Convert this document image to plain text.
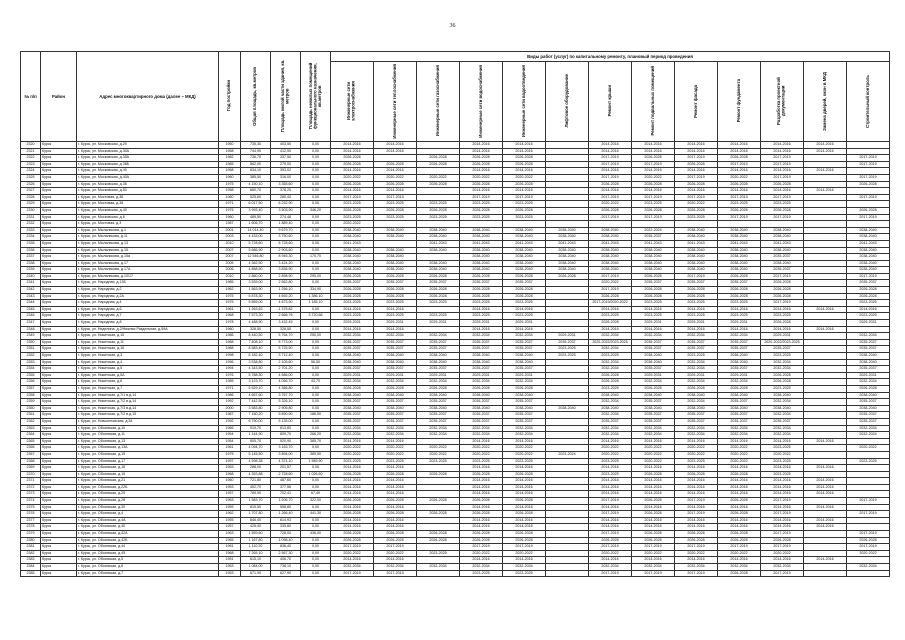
36
№ п/п	Район	Адрес многоквартирного дома (далее – МКД)	Год постройки	Общая площадь, кв.метров	Площадь жилой части здания, кв. метров	Площадь нежилых помещений функционального назначения, кв.метров	Виды работ (услуг) по капитальному ремонту, плановый период проведения												
							Инженерные сети электроснабжения	Инженерные сети теплоснабжения	Инженерные сети газоснабжения	Инженерные сети водоснабжения	Инженерные сети водоотведения	Лифтовое оборудование	Ремонт крыши	Ремонт подвальных помещений	Ремонт фасада	Ремонт фундамента	Разработка проектной документации	Замена дверей, окон в МКД	Строительный контроль
2320	Курск	г. Курск, ул. Московская, д.29	1950	735,30	403,50	0,00	2014-2016	2014-2016		2014-2016	2014-2016		2014-2016	2014-2016	2014-2016	2014-2016	2014-2016	2014-2016	
2321	Курск	г. Курск, ул. Московская, д.30А	1958	744,90	412,50	0,00	2014-2016	2014-2016		2014-2016	2014-2016		2014-2016	2014-2016	2014-2016	2014-2016	2014-2016	2014-2016	
2322	Курск	г. Курск, ул. Московская, д.35А	1982	736,70	337,50	0,00	2026-2028		2026-2028	2026-2028	2026-2028		2017-2019	2026-2028	2017-2019	2026-2028	2017-2019		2017-2019
2323	Курск	г. Курск, ул. Московская, д.36Б	1985	562,00	279,00	0,00	2026-2028	2026-2028	2026-2028	2026-2028	2026-2028		2017-2019	2017-2019	2026-2028	2017-2019	2017-2019		2017-2019
2324	Курск	г. Курск, ул. Московская, д.40	1958	834,10	393,02	0,00	2014-2016	2014-2016		2014-2016	2014-2016		2014-2016	2014-2016	2014-2016	2014-2016	2014-2016	2014-2016	
2325	Курск	г. Курск, ул. Московская, д.40А	1960	385,50	316,00	0,00	2020-2022	2020-2022	2020-2022	2020-2022	2020-2022		2017-2019	2020-2022	2017-2019	2020-2022	2017-2019		2017-2019
2326	Курск	г. Курск, ул. Московская, д.36	1975	4 150,10	3 355,60	0,00	2026-2028	2026-2028	2026-2028	2026-2028	2026-2028		2026-2028	2026-2028	2026-2028	2026-2028	2026-2028		2026-2028
2327	Курск	г. Курск, ул. Московская, д.50	1958	680,70	378,20	0,00	2014-2016	2014-2016		2014-2016	2014-2016		2014-2016	2014-2016	2014-2016	2014-2016	2014-2016	2014-2016	
2328	Курск	г. Курск, ул. Мостовая, д.36	1960	525,60	280,40	0,00	2017-2019	2017-2019		2017-2019	2017-2019		2017-2019	2017-2019	2017-2019	2017-2019	2017-2019		2017-2019
2329	Курск	г. Курск, ул. Мостовая, д.38	1971	6 017,50	6 232,90	0,00	2023-2025	2023-2025	2023-2025	2023-2025	2023-2025		2020-2022	2023-2025	2020-2022	2023-2025	2023-2025		
2330	Курск	г. Курск, ул. Московская, д.40	1975	3 993,40	3 503,90	346,20	2026-2028	2026-2028	2026-2028	2026-2028	2026-2028		2026-2028	2026-2028	2026-2028	2026-2028	2026-2028		2026-2028
2331	Курск	г. Курск, ул. Московская, д.6	1960	489,50	274,46	0,00	2023-2025	2023-2025	2023-2025	2023-2025	2023-2025		2017-2019	2017-2019	2023-2025	2017-2019	2017-2019		2017-2019
2332	Курск	г. Курск, ул. Мостовая, д.3	1987	1 606,70	1 889,40	0,00	2020-2022												
2333	Курск	г. Курск, ул. Мыльникова, д.1	2001	14 014,40	9 679,70	0,00	2038-2040	2038-2040	2038-2040	2038-2040	2038-2040	2038-2040	2038-2040	2022-2024	2038-2040	2038-2040	2038-2040		2038-2040
2334	Курск	г. Курск, ул. Мыльникова, д.11	2003	4 433,00	3 750,60	0,00	2038-2040	2038-2040	2038-2040	2038-2040	2038-2040	2038-2040	2038-2040	2035-2037	2038-2040	2038-2040	2038-2040		2038-2040
2335	Курск	г. Курск, ул. Мыльникова, д.13	2010	5 728,60	5 728,60	0,00	2041-2043		2041-2043	2041-2043	2041-2043	2041-2043	2041-2043	2041-2043	2041-2043	2041-2043	2041-2043		2041-2043
2336	Курск	г. Курск, ул. Мыльникова, д.15	2007	5 686,90	2 903,60	0,00	2038-2040	2038-2040	2038-2040	2038-2040	2038-2040	2038-2040	2038-2040	2038-2040	2038-2040	2038-2040	2038-2040		2038-2040
2337	Курск	г. Курск, ул. Мыльникова, д.15а	2007	12 546,80	8 945,30	170,70	2038-2040	2038-2040		2038-2040	2038-2040	2038-2040	2038-2040	2038-2040	2038-2040	2038-2040	2035-2037		2038-2040
2338	Курск	г. Курск, ул. Мыльникова, д.17	2005	4 362,50	3 424,20	0,00	2038-2040	2038-2040	2038-2040	2038-2040	2038-2040	2038-2040	2038-2040	2038-2040	2038-2040	2038-2040	2038-2040		2038-2040
2339	Курск	г. Курск, ул. Мыльникова, д.17А	2006	4 858,50	3 836,90	0,00	2038-2040	2038-2040	2038-2040	2038-2040	2038-2040	2038-2040	2038-2040	2038-2040	2038-2040	2038-2040	2035-2037		2038-2040
2340	Курск	г. Курск, ул. Мыльникова, д.10/17	2010	2 860,00	2 898,90	295,00	2026-2028	2026-2028	2026-2028	2026-2028	2026-2028	2026-2028	2017-2019	2026-2028	2017-2019	2026-2028	2017-2019		2017-2019
2341	Курск	г. Курск, ул. Народная, д.13Б	1985	3 539,00	2 562,80	0,00	2035-2037	2035-2037	2035-2037	2035-2037	2035-2037		2020-2022	2035-2037	2035-2037	2035-2037	2026-2028		2035-2037
2342	Курск	г. Курск, ул. Народная, д.2	1962	1 563,90	1 256,10	334,90	2026-2028	2026-2028	2026-2028	2026-2028	2026-2028		2017-2019	2026-2028	2026-2028	2026-2028	2026-2028		2026-2028
2343	Курск	г. Курск, ул. Народная, д.2А	1975	5 878,30	4 692,20	1 386,10	2026-2028	2026-2028	2026-2028	2026-2028	2026-2028		2026-2028	2026-2028	2026-2028	2026-2028	2026-2028		2026-2028
2344	Курск	г. Курск, ул. Народная, д.4	1975	5 859,00	4 673,90	1 185,10	2023-2025	2023-2025	2023-2025	2023-2025	2023-2025		2017-2019/2020-2022	2023-2025	2023-2025	2023-2025	2017-2019		2023-2025
2345	Курск	г. Курск, ул. Народная, д.6	1961	1 263,63	1 375,82	0,00	2014-2016	2014-2016		2014-2016	2014-2016		2014-2016	2014-2016	2014-2016	2014-2016	2014-2016	2014-2016	2014-2016
2346	Курск	г. Курск, ул. Народная, д.7	1968	7 573,30	2 668,76	3 720,66	2023-2025	2023-2025	2023-2025	2023-2025	2023-2025		2023-2025	2023-2025	2023-2025	2023-2025	2023-2025		2023-2025
2347	Курск	г. Курск, ул. Народная, д.8	1978	4 488,90	3 432,49	0,00	2029-2031	2029-2031	2029-2031	2029-2031	2029-2031		2026-2028	2029-2031	2029-2031	2029-2031	2026-2028		2029-2031
2348	Курск	г. Курск, ул. Неделина, д.2/Нижняя Раздельная, д.59А	1960	328,50	328,50	0,00	2014-2016	2014-2016		2014-2016	2014-2016		2014-2016	2014-2016	2014-2016	2014-2016	2014-2016	2014-2016	
2349	Курск	г. Курск, ул. Никитская, д.10	1986	8 440,50	5 764,70	250,00	2032-2034	2032-2034	2032-2034	2032-2034	2032-2034	2029-2031	2032-2034	2032-2034	2032-2034	2032-2034	2029-2031		2032-2034
2350	Курск	г. Курск, ул. Никитская, д.11	1988	7 408,10	5 773,00	0,00	2035-2037	2035-2037	2035-2037	2035-2037	2035-2037	2035-2037	2020-2022/2023-2025	2035-2037	2035-2037	2035-2037	2020-2022/2023-2025		2035-2037
2351	Курск	г. Курск, ул. Никитская, д.16	1988	8 583,40	5 725,50	0,00	2035-2037	2035-2037	2035-2037	2035-2037	2035-2037	2023-2025	2032-2034	2035-2037	2035-2037	2035-2037	2035-2037		2035-2037
2352	Курск	г. Курск, ул. Никитская, д.3	1998	6 182,40	3 712,40	0,00	2038-2040	2038-2040	2038-2040	2038-2040	2038-2040	2023-2025	2023-2025	2038-2040	2023-2025	2038-2040	2023-2025		2038-2040
2353	Курск	г. Курск, ул. Никитская, д.4	1996	3 538,80	2 105,60	56,50	2038-2040	2038-2040	2038-2040	2038-2040	2038-2040		2032-2034	2038-2040	2032-2034	2038-2040	2032-2034		2038-2040
2354	Курск	г. Курск, ул. Никитская, д.5	1994	4 343,50	2 701,20	0,00	2035-2037	2035-2037	2035-2037	2035-2037	2035-2037		2032-2034	2035-2037	2032-2034	2035-2037	2032-2034		2035-2037
2355	Курск	г. Курск, ул. Никитская, д.5А	1976	5 788,30	4 586,00	0,00	2029-2031	2029-2031	2029-2031	2029-2031	2029-2031		2026-2028	2029-2031	2029-2031	2029-2031	2026-2028		2029-2031
2356	Курск	г. Курск, ул. Никитская, д.6	1985	3 123,70	4 056,70	43,70	2032-2034	2032-2034	2032-2034	2032-2034	2032-2034		2026-2028	2032-2034	2032-2034	2032-2034	2026-2028		2032-2034
2357	Курск	г. Курск, ул. Никитская, д.7	1971	5 529,10	4 356,80	0,00	2026-2028	2026-2028	2026-2028	2026-2028	2026-2028		2023-2025	2026-2028	2026-2028	2026-2028	2023-2025		2026-2028
2358	Курск	г. Курск, ул. Никитская, д.7/1 в.д.14	1986	4 657,60	3 767,70	0,00	2038-2040	2038-2040	2038-2040	2038-2040	2038-2040		2038-2040	2038-2040	2038-2040	2038-2040	2038-2040		2038-2040
2359	Курск	г. Курск, ул. Никитская, д.7/2 в.д.14	1992	7 442,50	5 326,10	0,00	2035-2037	2035-2037	2035-2037	2035-2037	2035-2037		2032-2034	2035-2037	2032-2034	2035-2037	2032-2034		2035-2037
2360	Курск	г. Курск, ул. Никитская, д.7/3 в.д.14	2000	3 583,80	2 905,80	0,00	2038-2040	2038-2040	2038-2040	2038-2040	2038-2040	2038-2040	2038-2040	2038-2040	2038-2040	2038-2040	2038-2040		2038-2040
2361	Курск	г. Курск, ул. Никитская, д.7/2 в.д.15	1987	7 150,20	5 890,90	186,50	2035-2037	2035-2037	2035-2037	2035-2037	2035-2037		2032-2034	2035-2037	2035-2037	2035-2037	2032-2034		2035-2037
2362	Курск	г. Курск, ул. Новоселовская, д.54	1992	6 790,00	5 135,00	0,00	2035-2037	2035-2037	2035-2037	2035-2037	2035-2037		2035-2037	2035-2037	2035-2037	2035-2037	2035-2037		2035-2037
2363	Курск	г. Курск, ул. Обоянская, д.10	1966	919,70	613,60	0,00	2032-2034	2032-2034	2032-2034	2032-2034	2032-2034		2032-2034	2032-2034	2032-2034	2032-2034	2032-2034		2032-2034
2364	Курск	г. Курск, ул. Обоянская, д.11	1954	1 144,90	809,70	266,20	2032-2034	2032-2034	2032-2034	2032-2034	2032-2034		2032-2034	2032-2034	2032-2034	2032-2034	2032-2034		2032-2034
2365	Курск	г. Курск, ул. Обоянская, д.13	1954	905,70	520,90	385,70	2014-2016	2014-2016		2014-2016	2014-2016		2014-2016	2014-2016	2014-2016	2014-2016	2014-2016	2014-2016	
2366	Курск	г. Курск, ул. Обоянская, д.13А	1961	4 094,70	3 163,70	0,00	2020-2022	2020-2022	2020-2022	2020-2022	2020-2022		2020-2022	2020-2022	2020-2022	2020-2022	2023-2025		2020-2022
2367	Курск	г. Курск, ул. Обоянская, д.15	1975	5 145,50	3 894,00	389,50	2020-2022	2020-2022	2020-2022	2020-2022	2020-2022	2023-2024	2020-2022	2020-2022	2020-2022	2020-2022	2020-2022		
2368	Курск	г. Курск, ул. Обоянская, д.17	1997	4 598,38	4 374,10	1 589,90	2023-2025	2023-2025	2023-2025	2023-2025	2023-2025		2023-2025	2020-2022	2023-2025	2020-2022	2023-2025		2023-2025
2369	Курск	г. Курск, ул. Обоянская, д.18	1953	288,00	201,57	0,00	2014-2016	2014-2016		2014-2016	2014-2016		2014-2016	2014-2016	2014-2016	2014-2016	2014-2016	2014-2016	
2370	Курск	г. Курск, ул. Обоянская, д.19	1968	4 353,88	2 728,60	1 026,60	2026-2028	2026-2028	2026-2028	2026-2028	2026-2028		2023-2025	2026-2028	2026-2028	2026-2028	2023-2025		
2371	Курск	г. Курск, ул. Обоянская, д.21	1960	721,80	487,60	0,00	2014-2016	2014-2016		2014-2016	2014-2016		2014-2016	2014-2016	2014-2016	2014-2016	2014-2016	2014-2016	
2372	Курск	г. Курск, ул. Обоянская, д.22Б	1953	402,70	377,56	0,00	2014-2016	2014-2016		2014-2016	2014-2016		2014-2016	2014-2016	2014-2016	2014-2016	2014-2016	2014-2016	
2373	Курск	г. Курск, ул. Обоянская, д.25	1957	789,90	702,41	67,49	2014-2016	2014-2016		2014-2016	2014-2016		2014-2016	2014-2016	2014-2016	2014-2016	2014-2016	2014-2016	
2374	Курск	г. Курск, ул. Обоянская, д.28	1963	1 583,70	1 206,70	322,00	2026-2028	2026-2028	2026-2028	2026-2028	2026-2028		2017-2019	2026-2028	2017-2019	2026-2028	2017-2019		2017-2019
2375	Курск	г. Курск, ул. Обоянская, д.30	1959	815,50	558,80	0,00	2014-2016	2014-2016		2014-2016	2014-2016		2014-2016	2014-2016	2014-2016	2014-2016	2014-2016	2014-2016	
2376	Курск	г. Курск, ул. Обоянская, д.4	1962	1 707,80	1 266,40	441,30	2026-2028	2026-2028	2026-2028	2026-2028	2026-2028		2017-2019	2026-2028	2017-2019	2026-2028	2017-2019		2017-2019
2377	Курск	г. Курск, ул. Обоянская, д.4А	1955	846,40	614,93	0,00	2014-2016	2014-2016		2014-2016	2014-2016		2014-2016	2014-2016	2014-2016	2014-2016	2014-2016	2014-2016	
2378	Курск	г. Курск, ул. Обоянская, д.40	1957	425,40	335,80	0,00	2014-2016	2014-2016		2014-2016	2014-2016		2014-2016	2014-2016	2014-2016	2014-2016	2014-2016	2014-2016	
2379	Курск	г. Курск, ул. Обоянская, д.42А	1963	1 559,60	728,00	436,00	2026-2028	2026-2028	2026-2028	2026-2028	2026-2028		2017-2019	2026-2028	2026-2028	2026-2028	2017-2019		2017-2019
2380	Курск	г. Курск, ул. Обоянская, д.42Б	1965	1 167,80	1 098,40	0,00	2026-2028	2026-2028	2026-2028	2026-2028	2026-2028		2026-2028	2026-2028	2026-2028	2026-2028	2026-2028		2026-2028
2381	Курск	г. Курск, ул. Обоянская, д.44	1961	1 110,20	836,40	0,00	2017-2019	2017-2019		2017-2019	2017-2019		2017-2019	2017-2019	2017-2019	2017-2019	2017-2019		2017-2019
2382	Курск	г. Курск, ул. Обоянская, д.45	1968	7 265,10	2 567,30	0,00	2020-2022	2020-2022	2023-2025	2020-2022	2020-2022		2020-2022	2020-2022	2020-2022	2020-2022	2020-2022		2020-2022
2383	Курск	г. Курск, ул. Обоянская, д.5	1951	615,10	406,70	0,00	2014-2016	2014-2016		2014-2016	2014-2016		2014-2016	2014-2016	2014-2016	2014-2016	2014-2016	2014-2016	
2384	Курск	г. Курск, ул. Обоянская, д.6	1953	1 084,00	738,10	0,00	2032-2034	2032-2034	2032-2034	2032-2034	2032-2034		2032-2034	2032-2034	2032-2034	2032-2034	2032-2034		2032-2034
2385	Курск	г. Курск, ул. Обоянская, д.7	1953	671,90	627,90	0,00	2017-2019	2017-2019		2023-2025	2023-2025		2017-2019	2017-2019	2017-2019	2026-2028	2017-2019		
